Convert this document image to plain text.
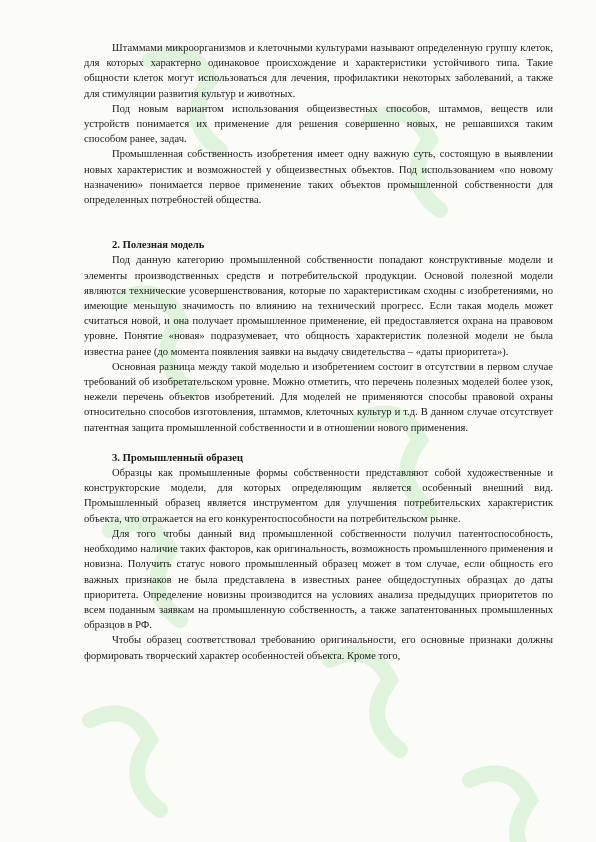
Штаммами микроорганизмов и клеточными культурами называют определенную группу клеток, для которых характерно одинаковое происхождение и характеристики устойчивого типа. Такие общности клеток могут использоваться для лечения, профилактики некоторых заболеваний, а также для стимуляции развития культур и животных.

Под новым вариантом использования общеизвестных способов, штаммов, веществ или устройств понимается их применение для решения совершенно новых, не решавшихся таким способом ранее, задач.

Промышленная собственность изобретения имеет одну важную суть, состоящую в выявлении новых характеристик и возможностей у общеизвестных объектов. Под использованием «по новому назначению» понимается первое применение таких объектов промышленной собственности для определенных потребностей общества.

2. Полезная модель

Под данную категорию промышленной собственности попадают конструктивные модели и элементы производственных средств и потребительской продукции. Основой полезной модели являются технические усовершенствования, которые по характеристикам сходны с изобретениями, но имеющие меньшую значимость по влиянию на технический прогресс. Если такая модель может считаться новой, и она получает промышленное применение, ей предоставляется охрана на правовом уровне. Понятие «новая» подразумевает, что общность характеристик полезной модели не была известна ранее (до момента появления заявки на выдачу свидетельства – «даты приоритета»).

Основная разница между такой моделью и изобретением состоит в отсутствии в первом случае требований об изобретательском уровне. Можно отметить, что перечень полезных моделей более узок, нежели перечень объектов изобретений. Для моделей не применяются способы правовой охраны относительно способов изготовления, штаммов, клеточных культур и т.д. В данном случае отсутствует патентная защита промышленной собственности и в отношении нового применения.

3. Промышленный образец

Образцы как промышленные формы собственности представляют собой художественные и конструкторские модели, для которых определяющим является особенный внешний вид. Промышленный образец является инструментом для улучшения потребительских характеристик объекта, что отражается на его конкурентоспособности на потребительском рынке.

Для того чтобы данный вид промышленной собственности получил патентоспособность, необходимо наличие таких факторов, как оригинальность, возможность промышленного применения и новизна. Получить статус нового промышленный образец может в том случае, если общность его важных признаков не была представлена в известных ранее общедоступных образцах до даты приоритета. Определение новизны производится на условиях анализа предыдущих приоритетов по всем поданным заявкам на промышленную собственность, а также запатентованных промышленных образцов в РФ.

Чтобы образец соответствовал требованию оригинальности, его основные признаки должны формировать творческий характер особенностей объекта. Кроме того,
